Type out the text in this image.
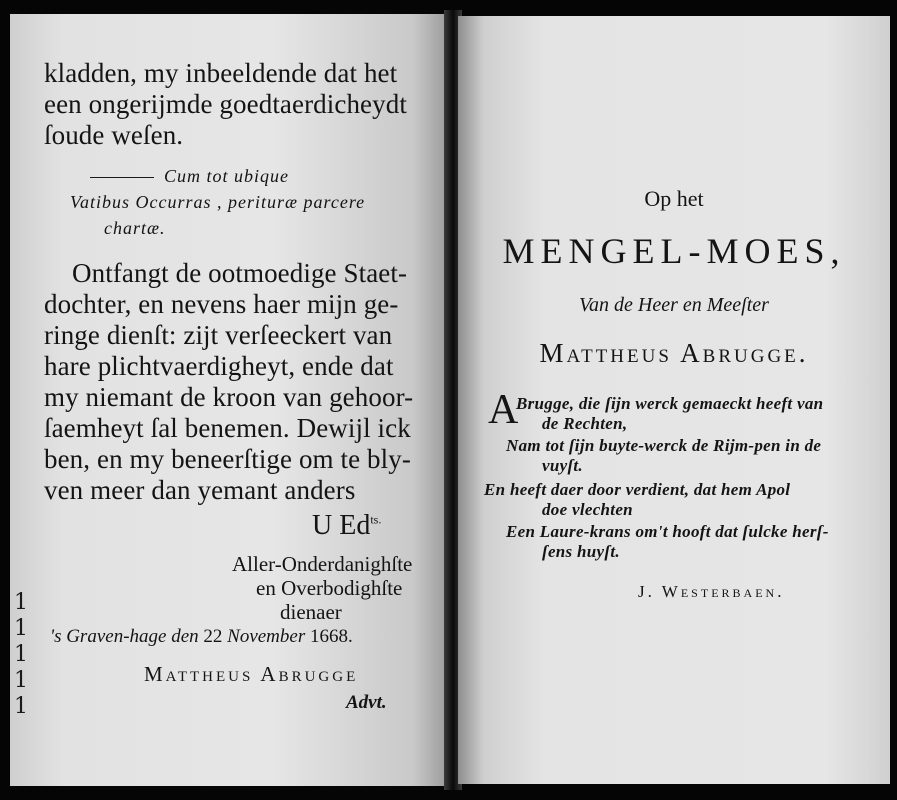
kladden, my inbeeldende dat het
een ongerijmde goedtaerdicheydt
ſoude weſen.
Cum tot ubique
Vatibus Occurras , perituræ parcere
chartæ.
Ontfangt de ootmoedige Staet-
dochter, en nevens haer mijn ge-
ringe dienſt: zijt verſeeckert van
hare plichtvaerdigheyt, ende dat
my niemant de kroon van gehoor-
ſaemheyt ſal benemen. Dewijl ick
ben, en my beneerſtige om te bly-
ven meer dan yemant anders
U $Ed^{ts.}$
Aller-Onderdanighſte
en Overbodighſte
dienaer
's Graven-hage den 22 November 1668.
Mattheus Abrugge
Advt.
1
1
1
1
1
Op het
MENGEL-MOES,
Van de Heer en Meeſter
Mattheus Abrugge.
A
Brugge, die ſijn werck gemaeckt heeft van
de Rechten,
Nam tot ſijn buyte-werck de Rijm-pen in de
vuyſt.
En heeft daer door verdient, dat hem Apol
doe vlechten
Een Laure-krans om't hooft dat ſulcke herſ-
ſens huyſt.
J. Westerbaen.
